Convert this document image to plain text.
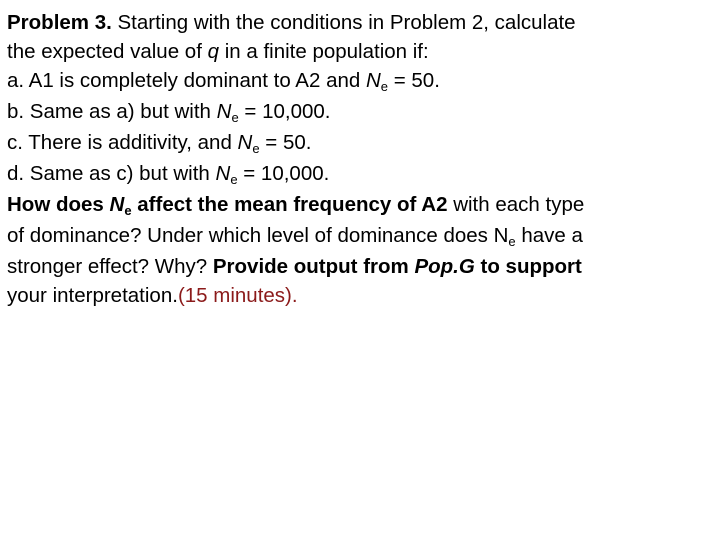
Problem 3. Starting with the conditions in Problem 2, calculate
the expected value of q in a finite population if:
a. A1 is completely dominant to A2 and Ne = 50.
b. Same as a) but with Ne = 10,000.
c. There is additivity, and Ne = 50.
d. Same as c) but with Ne = 10,000.
How does Ne affect the mean frequency of A2 with each type
of dominance? Under which level of dominance does Ne have a
stronger effect? Why? Provide output from Pop.G to support
your interpretation.(15 minutes).
